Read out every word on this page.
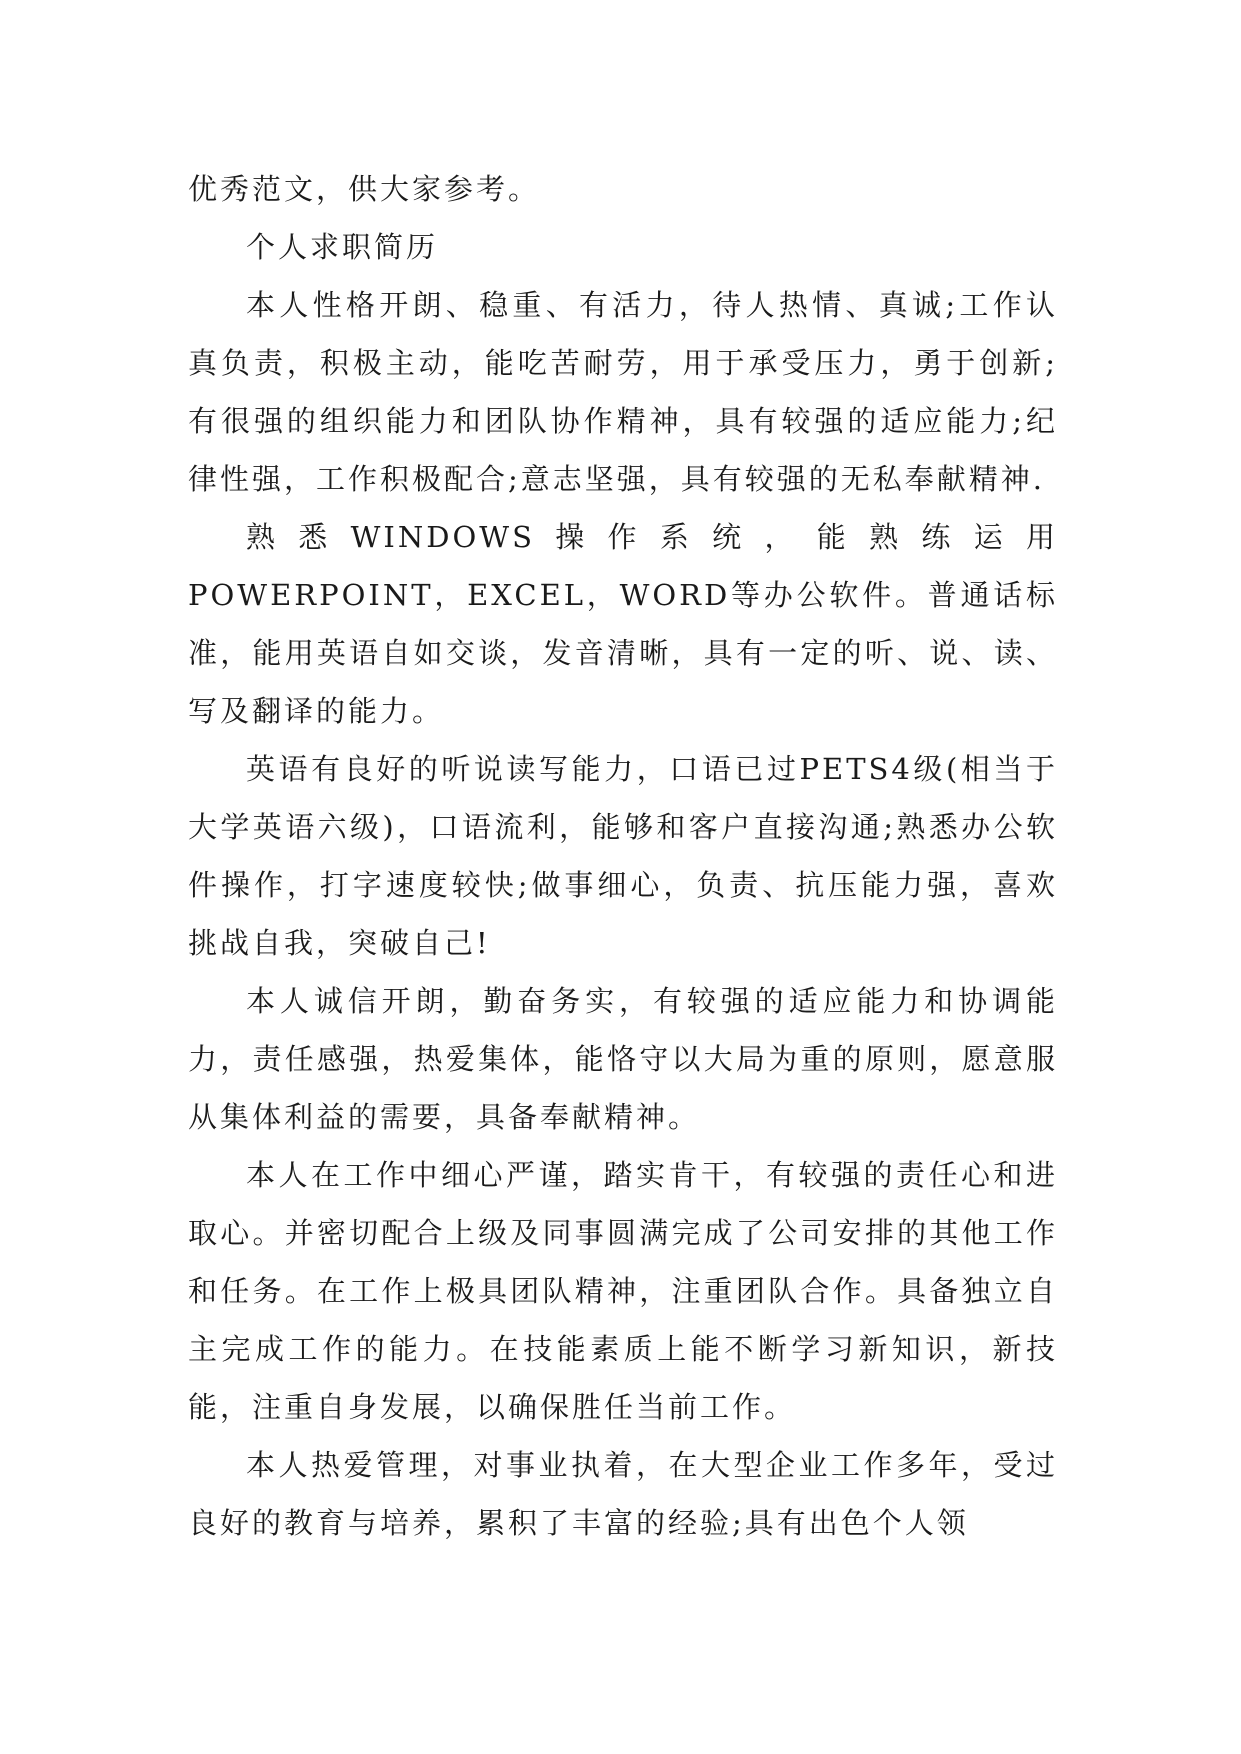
优秀范文，供大家参考。

个人求职简历

本人性格开朗、稳重、有活力，待人热情、真诚;工作认真负责，积极主动，能吃苦耐劳，用于承受压力，勇于创新;有很强的组织能力和团队协作精神，具有较强的适应能力;纪律性强，工作积极配合;意志坚强，具有较强的无私奉献精神.

熟悉WINDOWS操作系统，能熟练运用POWERPOINT，EXCEL，WORD等办公软件。普通话标准，能用英语自如交谈，发音清晰，具有一定的听、说、读、写及翻译的能力。

英语有良好的听说读写能力，口语已过PETS4级(相当于大学英语六级)，口语流利，能够和客户直接沟通;熟悉办公软件操作，打字速度较快;做事细心，负责、抗压能力强，喜欢挑战自我，突破自己!

本人诚信开朗，勤奋务实，有较强的适应能力和协调能力，责任感强，热爱集体，能恪守以大局为重的原则，愿意服从集体利益的需要，具备奉献精神。

本人在工作中细心严谨，踏实肯干，有较强的责任心和进取心。并密切配合上级及同事圆满完成了公司安排的其他工作和任务。在工作上极具团队精神，注重团队合作。具备独立自主完成工作的能力。在技能素质上能不断学习新知识，新技能，注重自身发展，以确保胜任当前工作。

本人热爱管理，对事业执着，在大型企业工作多年，受过良好的教育与培养，累积了丰富的经验;具有出色个人领
